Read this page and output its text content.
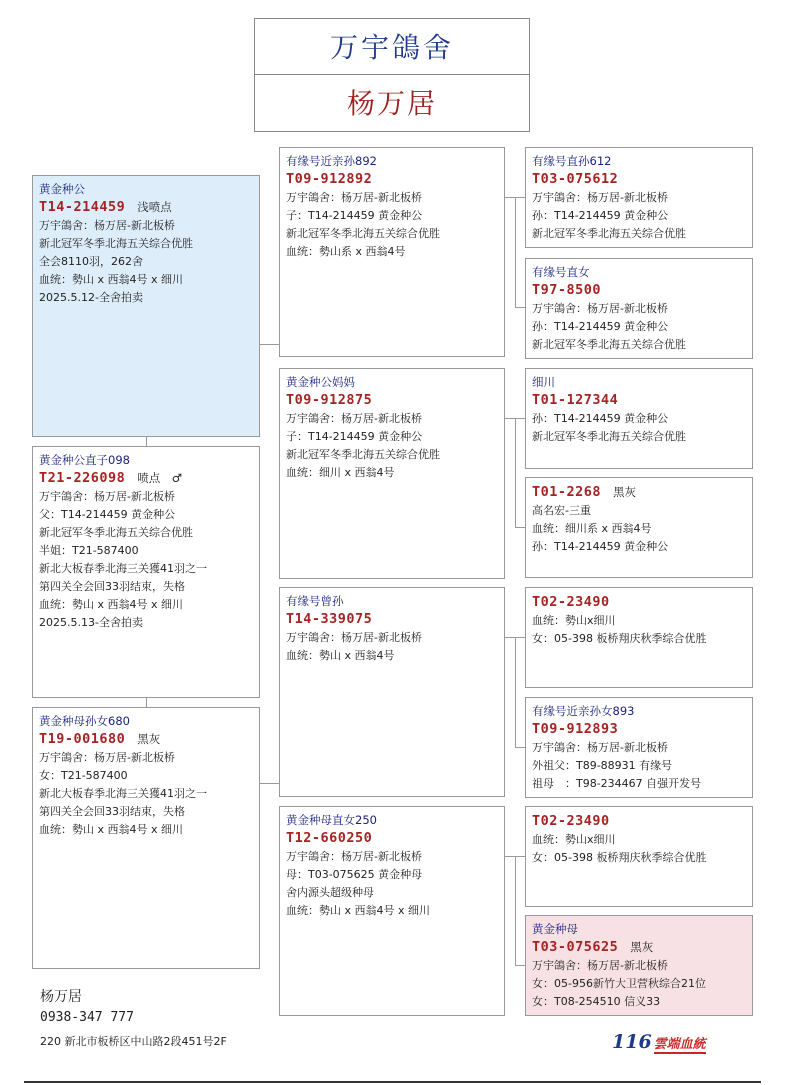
万宇鴿舍
杨万居
黄金种公
T14-214459 浅喷点
万宇鴿舍：杨万居-新北板桥
新北冠军冬季北海五关综合优胜
全会8110羽，262舍
血统：勢山 x 西翁4号 x 细川
2025.5.12-全舍拍卖
黄金种公直子098
T21-226098 喷点　♂
万宇鴿舍：杨万居-新北板桥
父：T14-214459 黄金种公
新北冠军冬季北海五关综合优胜
半姐：T21-587400
新北大板春季北海三关獲41羽之一
第四关全会回33羽结束，失格
血统：勢山 x 西翁4号 x 细川
2025.5.13-全舍拍卖
黄金种母孙女680
T19-001680 黑灰
万宇鴿舍：杨万居-新北板桥
女：T21-587400
新北大板春季北海三关獲41羽之一
第四关全会回33羽结束，失格
血统：勢山 x 西翁4号 x 细川
有缘号近亲孙892
T09-912892
万宇鴿舍：杨万居-新北板桥
子：T14-214459 黄金种公
新北冠军冬季北海五关综合优胜
血统：勢山系 x 西翁4号
黄金种公妈妈
T09-912875
万宇鴿舍：杨万居-新北板桥
子：T14-214459 黄金种公
新北冠军冬季北海五关综合优胜
血统：细川 x 西翁4号
有缘号曾孙
T14-339075
万宇鴿舍：杨万居-新北板桥
血统：勢山 x 西翁4号
黄金种母直女250
T12-660250
万宇鴿舍：杨万居-新北板桥
母：T03-075625 黄金种母
舍内源头超级种母
血统：勢山 x 西翁4号 x 细川
有缘号直孙612
T03-075612
万宇鴿舍：杨万居-新北板桥
孙：T14-214459 黄金种公
新北冠军冬季北海五关综合优胜
有缘号直女
T97-8500
万宇鴿舍：杨万居-新北板桥
孙：T14-214459 黄金种公
新北冠军冬季北海五关综合优胜
细川
T01-127344
孙：T14-214459 黄金种公
新北冠军冬季北海五关综合优胜
T01-2268 黑灰
高名宏-三重
血统：细川系 x 西翁4号
孙：T14-214459 黄金种公
T02-23490
血统：勢山x细川
女：05-398 板桥翔庆秋季综合优胜
有缘号近亲孙女893
T09-912893
万宇鴿舍：杨万居-新北板桥
外祖父：T89-88931 有缘号
祖母　：T98-234467 自强开发号
T02-23490
血统：勢山x细川
女：05-398 板桥翔庆秋季综合优胜
黄金种母
T03-075625 黑灰
万宇鴿舍：杨万居-新北板桥
女：05-956新竹大卫营秋综合21位
女：T08-254510 信义33
杨万居
0938-347 777
220 新北市板桥区中山路2段451号2F	116 雲端血統
